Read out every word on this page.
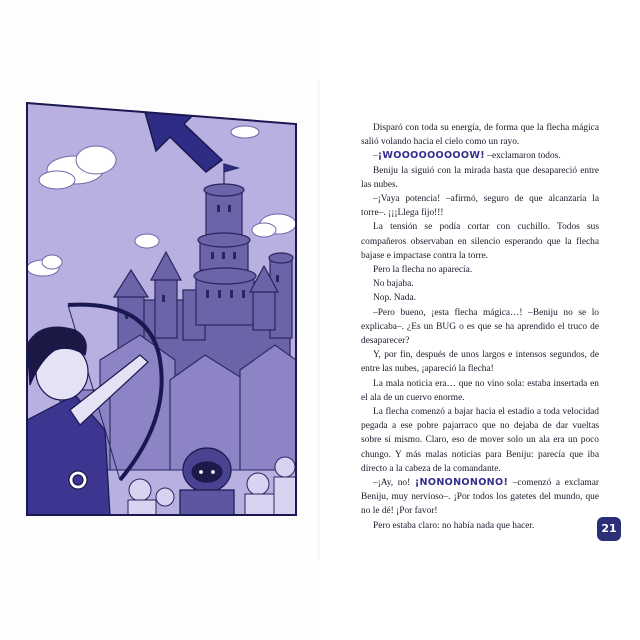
Disparó con toda su energía, de forma que la flecha mágica salió volando hacia el cielo como un rayo.

–¡WOOOOOOOOOW! –exclamaron todos.

Beniju la siguió con la mirada hasta que desapareció entre las nubes.

–¡Vaya potencia! –afirmó, seguro de que alcanzaría la torre–. ¡¡¡Llega fijo!!!

La tensión se podía cortar con cuchillo. Todos sus compañeros observaban en silencio esperando que la flecha bajase e impactase contra la torre.

Pero la flecha no aparecía.

No bajaba.

Nop. Nada.

–Pero bueno, ¡esta flecha mágica…! –Beniju no se lo explicaba–. ¿Es un BUG o es que se ha aprendido el truco de desaparecer?

Y, por fin, después de unos largos e intensos segundos, de entre las nubes, ¡apareció la flecha!

La mala noticia era… que no vino sola: estaba insertada en el ala de un cuervo enorme.

La flecha comenzó a bajar hacia el estadio a toda velocidad pegada a ese pobre pajarraco que no dejaba de dar vueltas sobre sí mismo. Claro, eso de mover solo un ala era un poco chungo. Y más malas noticias para Beniju: parecía que iba directo a la cabeza de la comandante.

–¡Ay, no! ¡NONONONONO! –comenzó a exclamar Beniju, muy nervioso–. ¡Por todos los gatetes del mundo, que no le dé! ¡Por favor!

Pero estaba claro: no había nada que hacer.	21
